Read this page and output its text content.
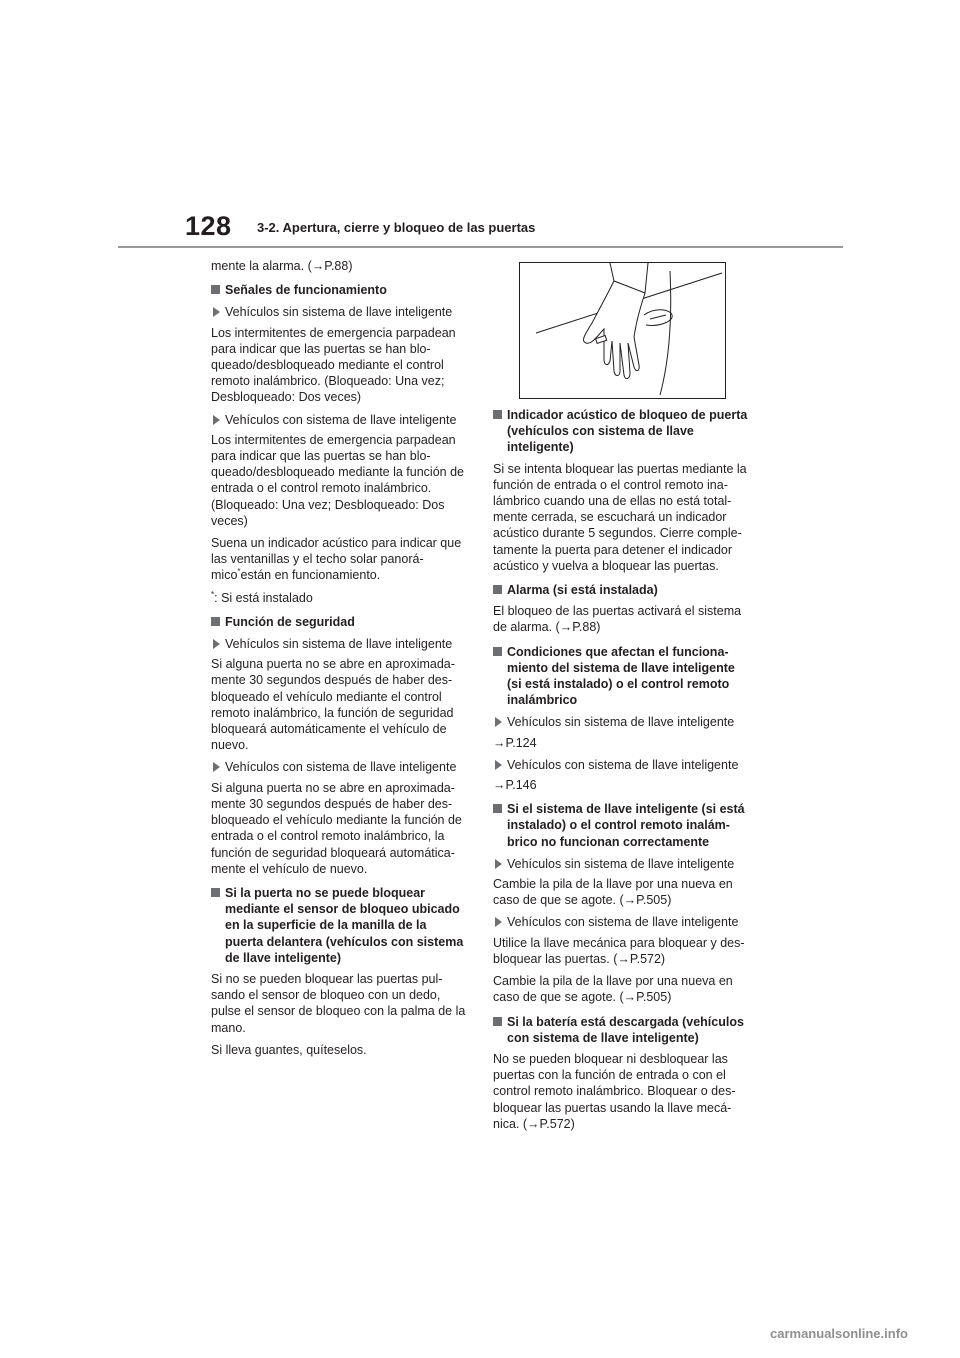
128 3-2. Apertura, cierre y bloqueo de las puertas

mente la alarma. (→P.88)

Señales de funcionamiento
Vehículos sin sistema de llave inteligente

Los intermitentes de emergencia parpadean para indicar que las puertas se han blo-queado/desbloqueado mediante el control remoto inalámbrico. (Bloqueado: Una vez; Desbloqueado: Dos veces)

Vehículos con sistema de llave inteligente

Los intermitentes de emergencia parpadean para indicar que las puertas se han blo-queado/desbloqueado mediante la función de entrada o el control remoto inalámbrico. (Bloqueado: Una vez; Desbloqueado: Dos veces)

Suena un indicador acústico para indicar que las ventanillas y el techo solar panorá-mico*están en funcionamiento.

*: Si está instalado

Función de seguridad
Vehículos sin sistema de llave inteligente

Si alguna puerta no se abre en aproximada-mente 30 segundos después de haber des-bloqueado el vehículo mediante el control remoto inalámbrico, la función de seguridad bloqueará automáticamente el vehículo de nuevo.

Vehículos con sistema de llave inteligente

Si alguna puerta no se abre en aproximada-mente 30 segundos después de haber des-bloqueado el vehículo mediante la función de entrada o el control remoto inalámbrico, la función de seguridad bloqueará automática-mente el vehículo de nuevo.

Si la puerta no se puede bloquear mediante el sensor de bloqueo ubicado en la superficie de la manilla de la puerta delantera (vehículos con sistema de llave inteligente)

Si no se pueden bloquear las puertas pul-sando el sensor de bloqueo con un dedo, pulse el sensor de bloqueo con la palma de la mano.

Si lleva guantes, quíteselos.

Indicador acústico de bloqueo de puerta (vehículos con sistema de llave inteligente)

Si se intenta bloquear las puertas mediante la función de entrada o el control remoto ina-lámbrico cuando una de ellas no está total-mente cerrada, se escuchará un indicador acústico durante 5 segundos. Cierre comple-tamente la puerta para detener el indicador acústico y vuelva a bloquear las puertas.

Alarma (si está instalada)

El bloqueo de las puertas activará el sistema de alarma. (→P.88)

Condiciones que afectan el funciona-miento del sistema de llave inteligente (si está instalado) o el control remoto inalámbrico
Vehículos sin sistema de llave inteligente

→P.124

Vehículos con sistema de llave inteligente

→P.146

Si el sistema de llave inteligente (si está instalado) o el control remoto inalám-brico no funcionan correctamente
Vehículos sin sistema de llave inteligente

Cambie la pila de la llave por una nueva en caso de que se agote. (→P.505)

Vehículos con sistema de llave inteligente

Utilice la llave mecánica para bloquear y des-bloquear las puertas. (→P.572)

Cambie la pila de la llave por una nueva en caso de que se agote. (→P.505)

Si la batería está descargada (vehículos con sistema de llave inteligente)

No se pueden bloquear ni desbloquear las puertas con la función de entrada o con el control remoto inalámbrico. Bloquear o des-bloquear las puertas usando la llave mecá-nica. (→P.572)

carmanualsonline.info
